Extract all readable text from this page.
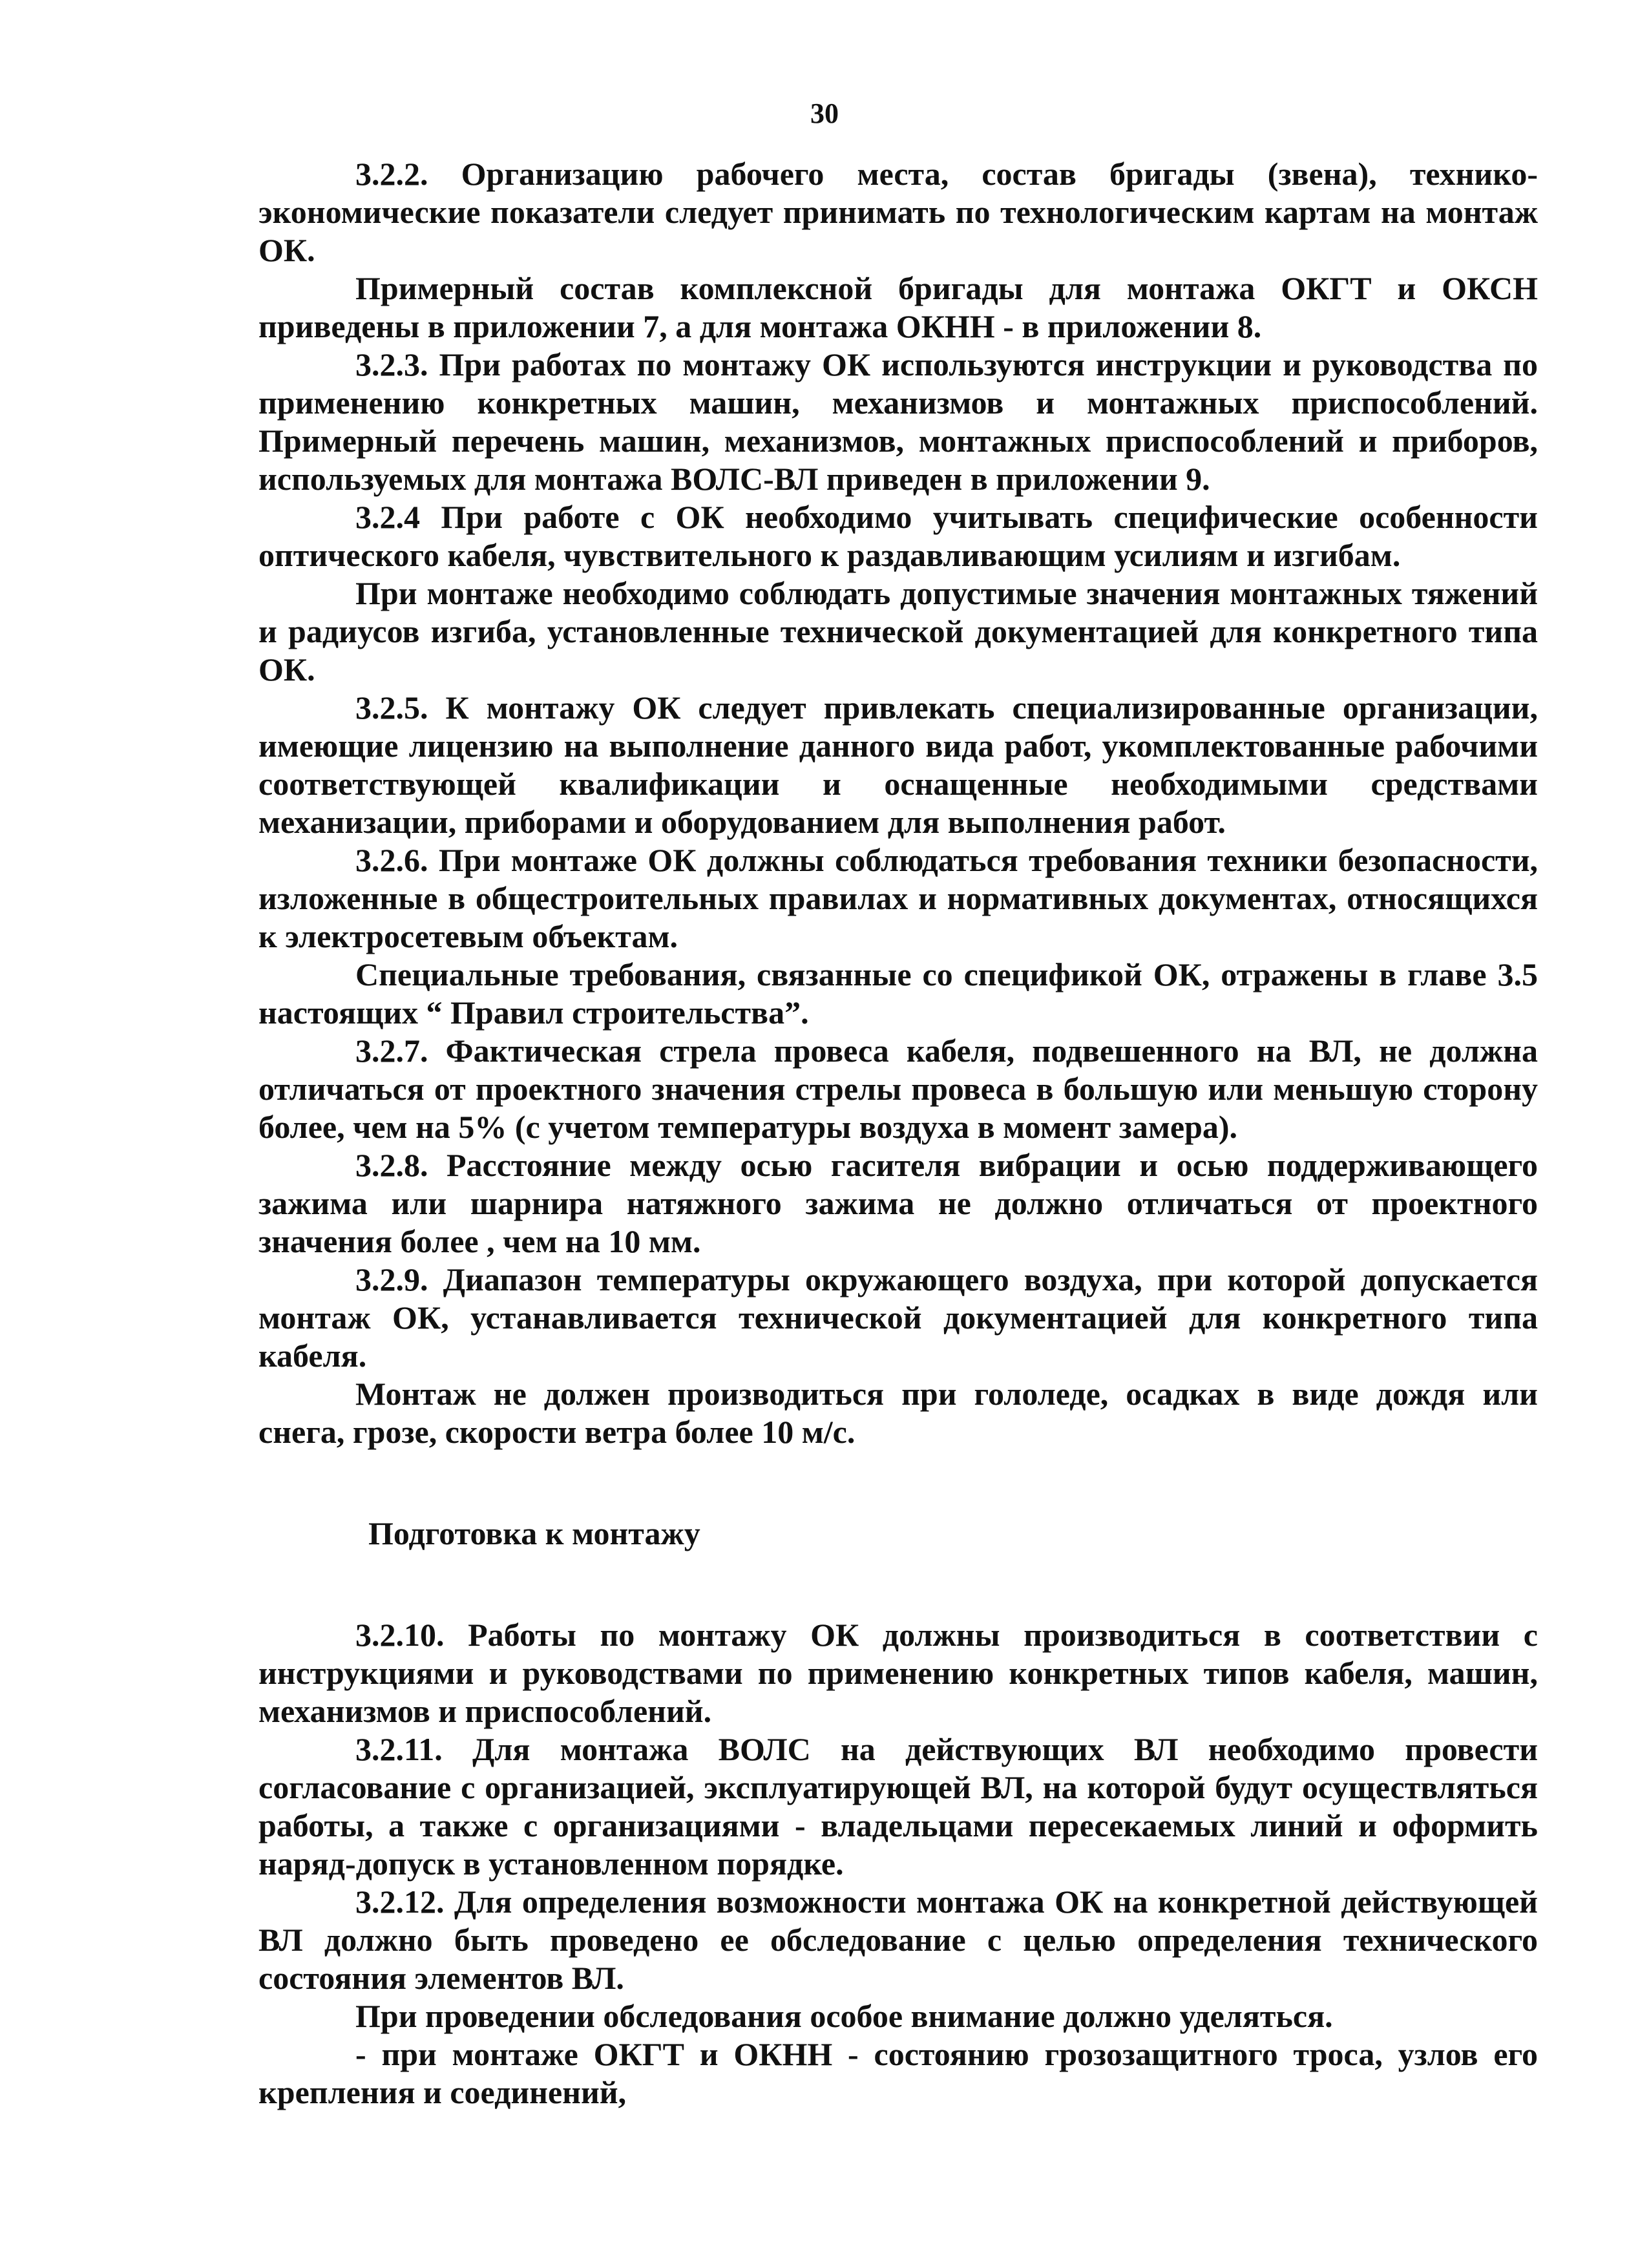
30

3.2.2. Организацию рабочего места, состав бригады (звена), технико-экономические показатели следует принимать по технологическим картам на монтаж ОК.

Примерный состав комплексной бригады для монтажа ОКГТ и ОКСН приведены в приложении 7, а для монтажа ОКНН - в приложении 8.

3.2.3. При работах по монтажу ОК используются инструкции и руководства по применению конкретных машин, механизмов и монтажных приспособлений. Примерный перечень машин, механизмов, монтажных приспособлений и приборов, используемых для монтажа ВОЛС-ВЛ приведен в приложении 9.

3.2.4 При работе с ОК необходимо учитывать специфические особенности оптического кабеля, чувствительного к раздавливающим усилиям и изгибам.

При монтаже необходимо соблюдать допустимые значения монтажных тяжений и радиусов изгиба, установленные технической документацией для конкретного типа ОК.

3.2.5. К монтажу ОК следует привлекать специализированные организации, имеющие лицензию на выполнение данного вида работ, укомплектованные рабочими соответствующей квалификации и оснащенные необходимыми средствами механизации, приборами и оборудованием для выполнения работ.

3.2.6. При монтаже ОК должны соблюдаться требования техники безопасности, изложенные в общестроительных правилах и нормативных документах, относящихся к электросетевым объектам.

Специальные требования, связанные со спецификой ОК, отражены в главе 3.5 настоящих “ Правил строительства”.

3.2.7. Фактическая стрела провеса кабеля, подвешенного на ВЛ, не должна отличаться от проектного значения стрелы провеса в большую или меньшую сторону более, чем на 5% (с учетом температуры воздуха в момент замера).

3.2.8. Расстояние между осью гасителя вибрации и осью поддерживающего зажима или шарнира натяжного зажима не должно отличаться от проектного значения более , чем на 10 мм.

3.2.9. Диапазон температуры окружающего воздуха, при которой допускается монтаж ОК, устанавливается технической документацией для конкретного типа кабеля.

Монтаж не должен производиться при гололеде, осадках в виде дождя или снега, грозе, скорости ветра более 10 м/с.

Подготовка к монтажу

3.2.10. Работы по монтажу ОК должны производиться в соответствии с инструкциями и руководствами по применению конкретных типов кабеля, машин, механизмов и приспособлений.

3.2.11. Для монтажа ВОЛС на действующих ВЛ необходимо провести согласование с организацией, эксплуатирующей ВЛ, на которой будут осуществляться работы, а также с организациями - владельцами пересекаемых линий и оформить наряд-допуск в установленном порядке.

3.2.12. Для определения возможности монтажа ОК на конкретной действующей ВЛ должно быть проведено ее обследование с целью определения технического состояния элементов ВЛ.

При проведении обследования особое внимание должно уделяться.

- при монтаже ОКГТ и ОКНН - состоянию грозозащитного троса, узлов его крепления и соединений,
